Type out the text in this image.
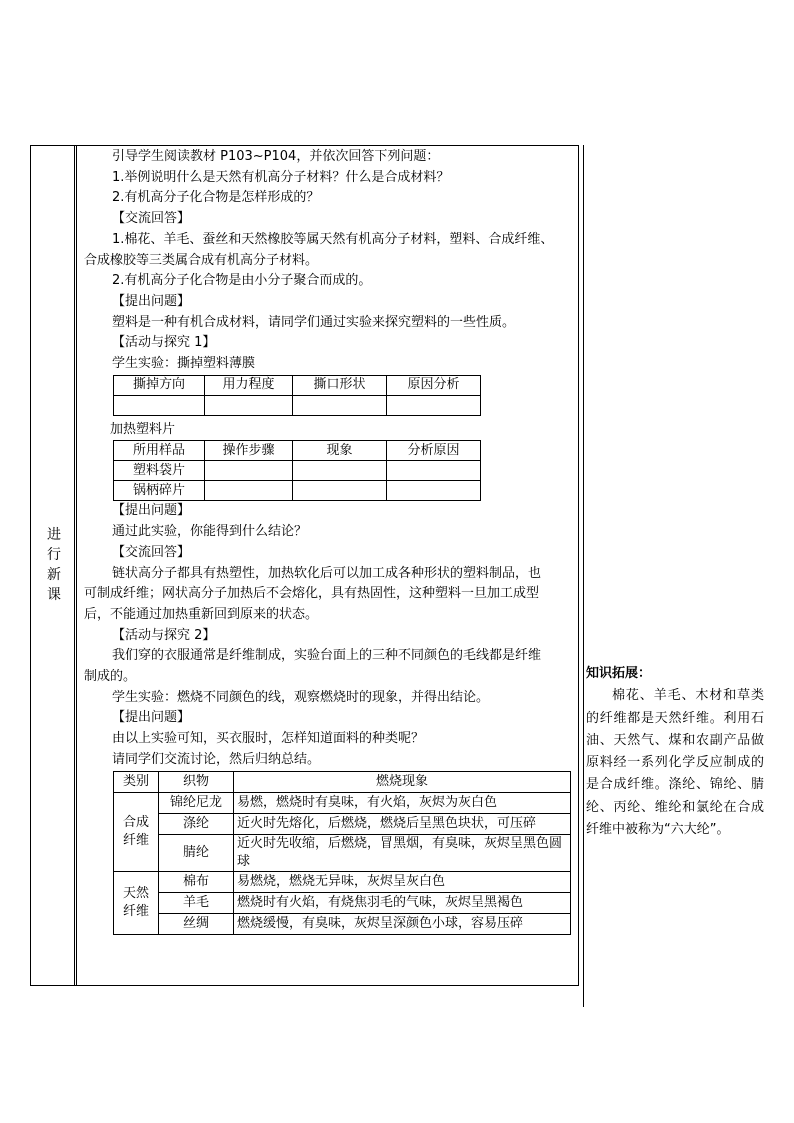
进行新课

引导学生阅读教材 P103~P104，并依次回答下列问题：

1.举例说明什么是天然有机高分子材料？什么是合成材料？

2.有机高分子化合物是怎样形成的？

【交流回答】

1.棉花、羊毛、蚕丝和天然橡胶等属天然有机高分子材料，塑料、合成纤维、

合成橡胶等三类属合成有机高分子材料。

2.有机高分子化合物是由小分子聚合而成的。

【提出问题】

塑料是一种有机合成材料，请同学们通过实验来探究塑料的一些性质。

【活动与探究 1】

学生实验：撕掉塑料薄膜

撕掉方向	用力程度	撕口形状	原因分析

加热塑料片

所用样品	操作步骤	现象	分析原因
塑料袋片			
锅柄碎片			

【提出问题】

通过此实验，你能得到什么结论？

【交流回答】

链状高分子都具有热塑性，加热软化后可以加工成各种形状的塑料制品，也

可制成纤维；网状高分子加热后不会熔化，具有热固性，这种塑料一旦加工成型

后，不能通过加热重新回到原来的状态。

【活动与探究 2】

我们穿的衣服通常是纤维制成，实验台面上的三种不同颜色的毛线都是纤维

制成的。

学生实验：燃烧不同颜色的线，观察燃烧时的现象，并得出结论。

【提出问题】

由以上实验可知，买衣服时，怎样知道面料的种类呢？

请同学们交流讨论，然后归纳总结。

类别	织物	燃烧现象
合成纤维	锦纶尼龙	易燃，燃烧时有臭味，有火焰，灰烬为灰白色
	涤纶	近火时先熔化，后燃烧，燃烧后呈黑色块状，可压碎
	腈纶	近火时先收缩，后燃烧，冒黑烟，有臭味，灰烬呈黑色圆球
天然纤维	棉布	易燃烧，燃烧无异味，灰烬呈灰白色
	羊毛	燃烧时有火焰，有烧焦羽毛的气味，灰烬呈黑褐色
	丝绸	燃烧缓慢，有臭味，灰烬呈深颜色小球，容易压碎
知识拓展：
棉花、羊毛、木材和草类的纤维都是天然纤维。利用石油、天然气、煤和农副产品做原料经一系列化学反应制成的是合成纤维。涤纶、锦纶、腈纶、丙纶、维纶和氯纶在合成纤维中被称为“六大纶”。
